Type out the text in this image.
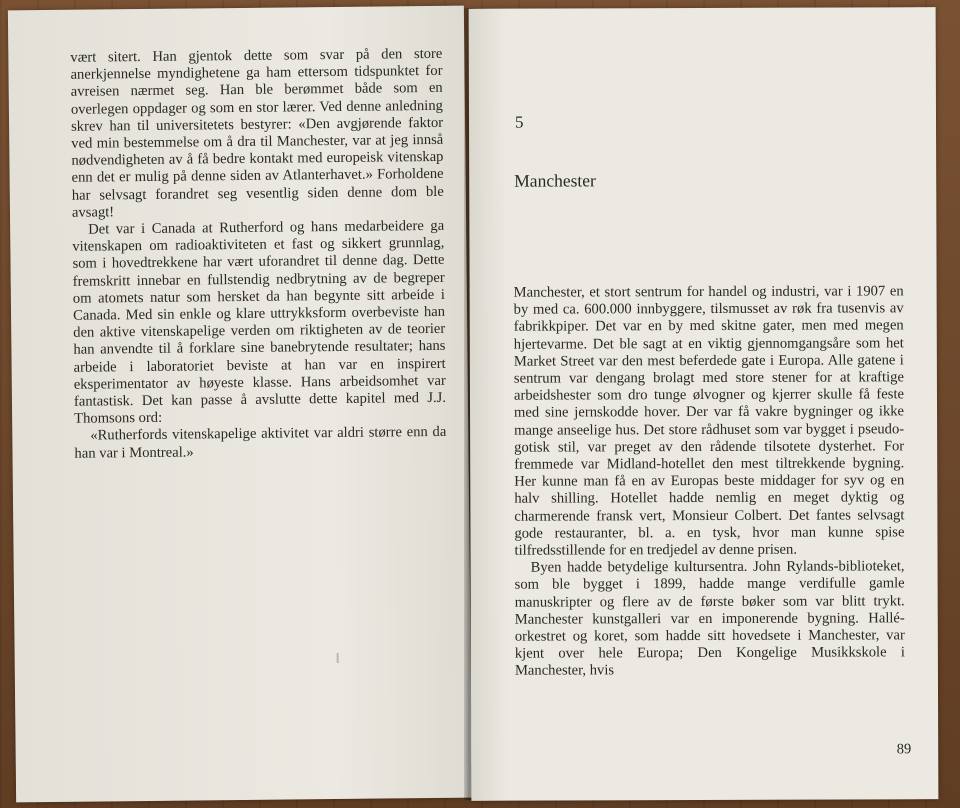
vært sitert. Han gjentok dette som svar på den store anerkjennelse myndighetene ga ham ettersom tidspunktet for avreisen nærmet seg. Han ble berømmet både som en overlegen oppdager og som en stor lærer. Ved denne anledning skrev han til universitetets bestyrer: «Den avgjørende faktor ved min bestemmelse om å dra til Manchester, var at jeg innså nødvendigheten av å få bedre kontakt med europeisk vitenskap enn det er mulig på denne siden av Atlanterhavet.» Forholdene har selvsagt forandret seg vesentlig siden denne dom ble avsagt!

Det var i Canada at Rutherford og hans medarbeidere ga vitenskapen om radioaktiviteten et fast og sikkert grunnlag, som i hovedtrekkene har vært uforandret til denne dag. Dette fremskritt innebar en fullstendig nedbrytning av de begreper om atomets natur som hersket da han begynte sitt arbeide i Canada. Med sin enkle og klare uttrykksform overbeviste han den aktive vitenskapelige verden om riktigheten av de teorier han anvendte til å forklare sine banebrytende resultater; hans arbeide i laboratoriet beviste at han var en inspirert eksperimentator av høyeste klasse. Hans arbeidsomhet var fantastisk. Det kan passe å avslutte dette kapitel med J.J. Thomsons ord:

«Rutherfords vitenskapelige aktivitet var aldri større enn da han var i Montreal.»

5
Manchester

Manchester, et stort sentrum for handel og industri, var i 1907 en by med ca. 600.000 innbyggere, tilsmusset av røk fra tusenvis av fabrikkpiper. Det var en by med skitne gater, men med megen hjertevarme. Det ble sagt at en viktig gjennomgangsåre som het Market Street var den mest beferdede gate i Europa. Alle gatene i sentrum var dengang brolagt med store stener for at kraftige arbeidshester som dro tunge ølvogner og kjerrer skulle få feste med sine jernskodde hover. Der var få vakre bygninger og ikke mange anseelige hus. Det store rådhuset som var bygget i pseudo-gotisk stil, var preget av den rådende tilsotete dysterhet. For fremmede var Midland-hotellet den mest tiltrekkende bygning. Her kunne man få en av Europas beste middager for syv og en halv shilling. Hotellet hadde nemlig en meget dyktig og charmerende fransk vert, Monsieur Colbert. Det fantes selvsagt gode restauranter, bl. a. en tysk, hvor man kunne spise tilfredsstillende for en tredjedel av denne prisen.

Byen hadde betydelige kultursentra. John Rylands-biblioteket, som ble bygget i 1899, hadde mange verdifulle gamle manuskripter og flere av de første bøker som var blitt trykt. Manchester kunstgalleri var en imponerende bygning. Hallé-orkestret og koret, som hadde sitt hovedsete i Manchester, var kjent over hele Europa; Den Kongelige Musikkskole i Manchester, hvis

89
